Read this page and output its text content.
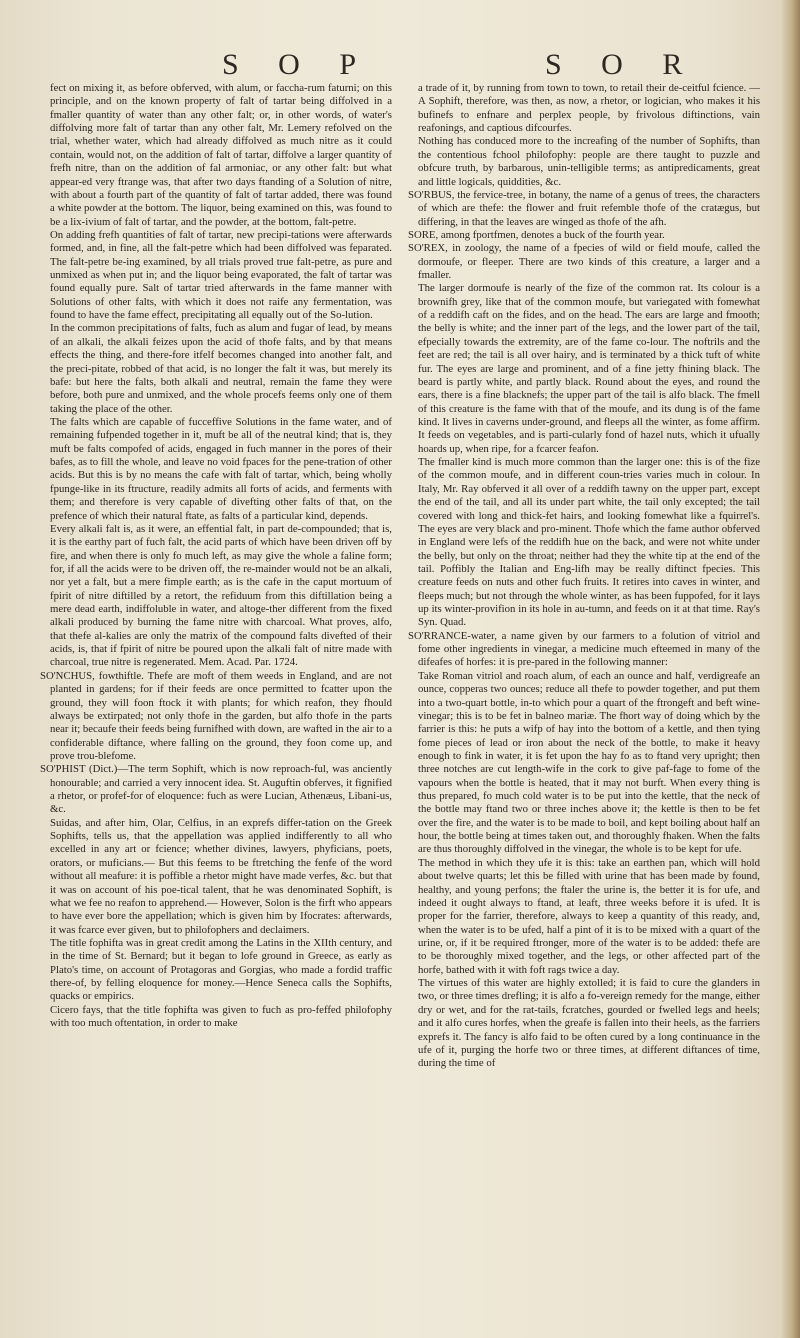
S O P	S O R

fect on mixing it, as before obferved, with alum, or faccha-rum faturni; on this principle, and on the known property of falt of tartar being diffolved in a fmaller quantity of water than any other falt; or, in other words, of water's diffolving more falt of tartar than any other falt, Mr. Lemery refolved on the trial, whether water, which had already diffolved as much nitre as it could contain, would not, on the addition of falt of tartar, diffolve a larger quantity of frefh nitre, than on the addition of fal armoniac, or any other falt: but what appear-ed very ftrange was, that after two days ftanding of a Solution of nitre, with about a fourth part of the quantity of falt of tartar added, there was found a white powder at the bottom. The liquor, being examined on this, was found to be a lix-ivium of falt of tartar, and the powder, at the bottom, falt-petre.

On adding frefh quantities of falt of tartar, new precipi-tations were afterwards formed, and, in fine, all the falt-petre which had been diffolved was feparated. The falt-petre be-ing examined, by all trials proved true falt-petre, as pure and unmixed as when put in; and the liquor being evaporated, the falt of tartar was found equally pure. Salt of tartar tried afterwards in the fame manner with Solutions of other falts, with which it does not raife any fermentation, was found to have the fame effect, precipitating all equally out of the So-lution.

In the common precipitations of falts, fuch as alum and fugar of lead, by means of an alkali, the alkali feizes upon the acid of thofe falts, and by that means effects the thing, and there-fore itfelf becomes changed into another falt, and the preci-pitate, robbed of that acid, is no longer the falt it was, but merely its bafe: but here the falts, both alkali and neutral, remain the fame they were before, both pure and unmixed, and the whole procefs feems only one of them taking the place of the other.

The falts which are capable of fucceffive Solutions in the fame water, and of remaining fufpended together in it, muft be all of the neutral kind; that is, they muft be falts compofed of acids, engaged in fuch manner in the pores of their bafes, as to fill the whole, and leave no void fpaces for the pene-tration of other acids. But this is by no means the cafe with falt of tartar, which, being wholly fpunge-like in its ftructure, readily admits all forts of acids, and ferments with them; and therefore is very capable of divefting other falts of that, on the prefence of which their natural ftate, as falts of a particular kind, depends.

Every alkali falt is, as it were, an effential falt, in part de-compounded; that is, it is the earthy part of fuch falt, the acid parts of which have been driven off by fire, and when there is only fo much left, as may give the whole a faline form; for, if all the acids were to be driven off, the re-mainder would not be an alkali, nor yet a falt, but a mere fimple earth; as is the cafe in the caput mortuum of fpirit of nitre diftilled by a retort, the refiduum from this diftillation being a mere dead earth, indiffoluble in water, and altoge-ther different from the fixed alkali produced by burning the fame nitre with charcoal. What proves, alfo, that thefe al-kalies are only the matrix of the compound falts divefted of their acids, is, that if fpirit of nitre be poured upon the alkali falt of nitre made with charcoal, true nitre is regenerated. Mem. Acad. Par. 1724.

SO'NCHUS, fowthiftle. Thefe are moft of them weeds in England, and are not planted in gardens; for if their feeds are once permitted to fcatter upon the ground, they will foon ftock it with plants; for which reafon, they fhould always be extirpated; not only thofe in the garden, but alfo thofe in the parts near it; becaufe their feeds being furnifhed with down, are wafted in the air to a confiderable diftance, where falling on the ground, they foon come up, and prove trou-blefome.

SO'PHIST (Dict.)—The term Sophift, which is now reproach-ful, was anciently honourable; and carried a very innocent idea. St. Auguftin obferves, it fignified a rhetor, or profef-for of eloquence: fuch as were Lucian, Athenæus, Libani-us, &c.

Suidas, and after him, Olar, Celfius, in an exprefs differ-tation on the Greek Sophifts, tells us, that the appellation was applied indifferently to all who excelled in any art or fcience; whether divines, lawyers, phyficians, poets, orators, or muficians.— But this feems to be ftretching the fenfe of the word without all meafure: it is poffible a rhetor might have made verfes, &c. but that it was on account of his poe-tical talent, that he was denominated Sophift, is what we fee no reafon to apprehend.— However, Solon is the firft who appears to have ever bore the appellation; which is given him by Ifocrates: afterwards, it was fcarce ever given, but to philofophers and declaimers.

The title fophifta was in great credit among the Latins in the XIIth century, and in the time of St. Bernard; but it began to lofe ground in Greece, as early as Plato's time, on account of Protagoras and Gorgias, who made a fordid traffic there-of, by felling eloquence for money.—Hence Seneca calls the Sophifts, quacks or empirics.

Cicero fays, that the title fophifta was given to fuch as pro-feffed philofophy with too much oftentation, in order to make

a trade of it, by running from town to town, to retail their de-ceitful fcience. — A Sophift, therefore, was then, as now, a rhetor, or logician, who makes it his bufinefs to enfnare and perplex people, by frivolous diftinctions, vain reafonings, and captious difcourfes.

Nothing has conduced more to the increafing of the number of Sophifts, than the contentious fchool philofophy: people are there taught to puzzle and obfcure truth, by barbarous, unin-telligible terms; as antipredicaments, great and little logicals, quiddities, &c.

SO'RBUS, the fervice-tree, in botany, the name of a genus of trees, the characters of which are thefe: the flower and fruit refemble thofe of the cratægus, but differing, in that the leaves are winged as thofe of the afh.

SORE, among fportfmen, denotes a buck of the fourth year.

SO'REX, in zoology, the name of a fpecies of wild or field moufe, called the dormoufe, or fleeper. There are two kinds of this creature, a larger and a fmaller.

The larger dormoufe is nearly of the fize of the common rat. Its colour is a brownifh grey, like that of the common moufe, but variegated with fomewhat of a reddifh caft on the fides, and on the head. The ears are large and fmooth; the belly is white; and the inner part of the legs, and the lower part of the tail, efpecially towards the extremity, are of the fame co-lour. The noftrils and the feet are red; the tail is all over hairy, and is terminated by a thick tuft of white fur. The eyes are large and prominent, and of a fine jetty fhining black. The beard is partly white, and partly black. Round about the eyes, and round the ears, there is a fine blacknefs; the upper part of the tail is alfo black. The fmell of this creature is the fame with that of the moufe, and its dung is of the fame kind. It lives in caverns under-ground, and fleeps all the winter, as fome affirm. It feeds on vegetables, and is parti-cularly fond of hazel nuts, which it ufually hoards up, when ripe, for a fcarcer feafon.

The fmaller kind is much more common than the larger one: this is of the fize of the common moufe, and in different coun-tries varies much in colour. In Italy, Mr. Ray obferved it all over of a reddifh tawny on the upper part, except the end of the tail, and all its under part white, the tail only excepted; the tail covered with long and thick-fet hairs, and looking fomewhat like a fquirrel's. The eyes are very black and pro-minent. Thofe which the fame author obferved in England were lefs of the reddifh hue on the back, and were not white under the belly, but only on the throat; neither had they the white tip at the end of the tail. Poffibly the Italian and Eng-lifh may be really diftinct fpecies. This creature feeds on nuts and other fuch fruits. It retires into caves in winter, and fleeps much; but not through the whole winter, as has been fuppofed, for it lays up its winter-provifion in its hole in au-tumn, and feeds on it at that time. Ray's Syn. Quad.

SO'RRANCE-water, a name given by our farmers to a folution of vitriol and fome other ingredients in vinegar, a medicine much efteemed in many of the difeafes of horfes: it is pre-pared in the following manner:

Take Roman vitriol and roach alum, of each an ounce and half, verdigreafe an ounce, copperas two ounces; reduce all thefe to powder together, and put them into a two-quart bottle, in-to which pour a quart of the ftrongeft and beft wine-vinegar; this is to be fet in balneo mariæ. The fhort way of doing which by the farrier is this: he puts a wifp of hay into the bottom of a kettle, and then tying fome pieces of lead or iron about the neck of the bottle, to make it heavy enough to fink in water, it is fet upon the hay fo as to ftand very upright; then three notches are cut length-wife in the cork to give paf-fage to fome of the vapours when the bottle is heated, that it may not burft. When every thing is thus prepared, fo much cold water is to be put into the kettle, that the neck of the bottle may ftand two or three inches above it; the kettle is then to be fet over the fire, and the water is to be made to boil, and kept boiling about half an hour, the bottle being at times taken out, and thoroughly fhaken. When the falts are thus thoroughly diffolved in the vinegar, the whole is to be kept for ufe.

The method in which they ufe it is this: take an earthen pan, which will hold about twelve quarts; let this be filled with urine that has been made by found, healthy, and young perfons; the ftaler the urine is, the better it is for ufe, and indeed it ought always to ftand, at leaft, three weeks before it is ufed. It is proper for the farrier, therefore, always to keep a quantity of this ready, and, when the water is to be ufed, half a pint of it is to be mixed with a quart of the urine, or, if it be required ftronger, more of the water is to be added: thefe are to be thoroughly mixed together, and the legs, or other affected part of the horfe, bathed with it with foft rags twice a day.

The virtues of this water are highly extolled; it is faid to cure the glanders in two, or three times drefling; it is alfo a fo-vereign remedy for the mange, either dry or wet, and for the rat-tails, fcratches, gourded or fwelled legs and heels; and it alfo cures horfes, when the greafe is fallen into their heels, as the farriers exprefs it. The fancy is alfo faid to be often cured by a long continuance in the ufe of it, purging the horfe two or three times, at different diftances of time, during the time of
